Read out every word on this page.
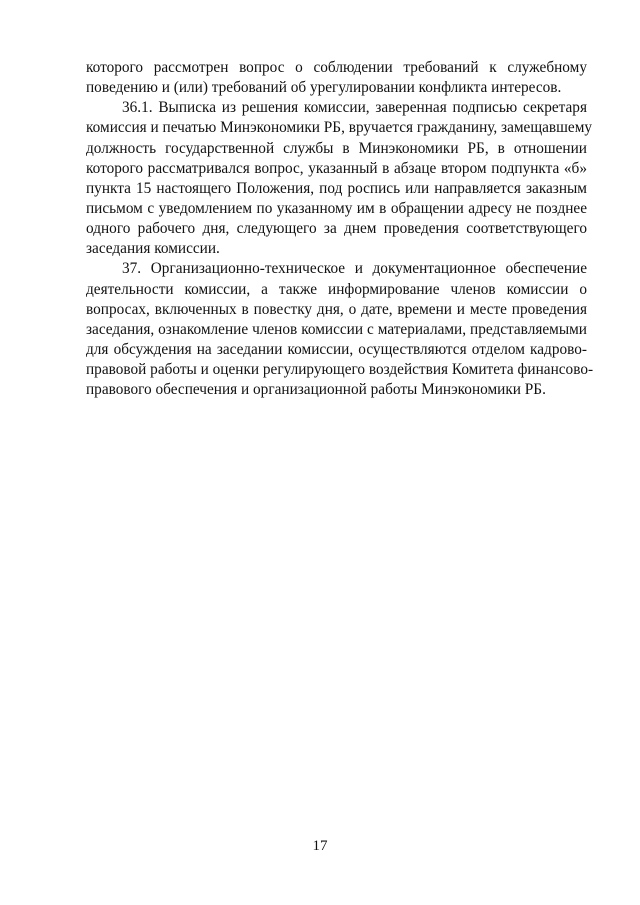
которого рассмотрен вопрос о соблюдении требований к служебному
поведению и (или) требований об урегулировании конфликта интересов.
36.1. Выписка из решения комиссии, заверенная подписью секретаря
комиссия и печатью Минэкономики РБ, вручается гражданину, замещавшему
должность государственной службы в Минэкономики РБ, в отношении
которого рассматривался вопрос, указанный в абзаце втором подпункта «б»
пункта 15 настоящего Положения, под роспись или направляется заказным
письмом с уведомлением по указанному им в обращении адресу не позднее
одного рабочего дня, следующего за днем проведения соответствующего
заседания комиссии.
37. Организационно-техническое и документационное обеспечение
деятельности комиссии, а также информирование членов комиссии о
вопросах, включенных в повестку дня, о дате, времени и месте проведения
заседания, ознакомление членов комиссии с материалами, представляемыми
для обсуждения на заседании комиссии, осуществляются отделом кадрово-
правовой работы и оценки регулирующего воздействия Комитета финансово-
правового обеспечения и организационной работы Минэкономики РБ.
17
